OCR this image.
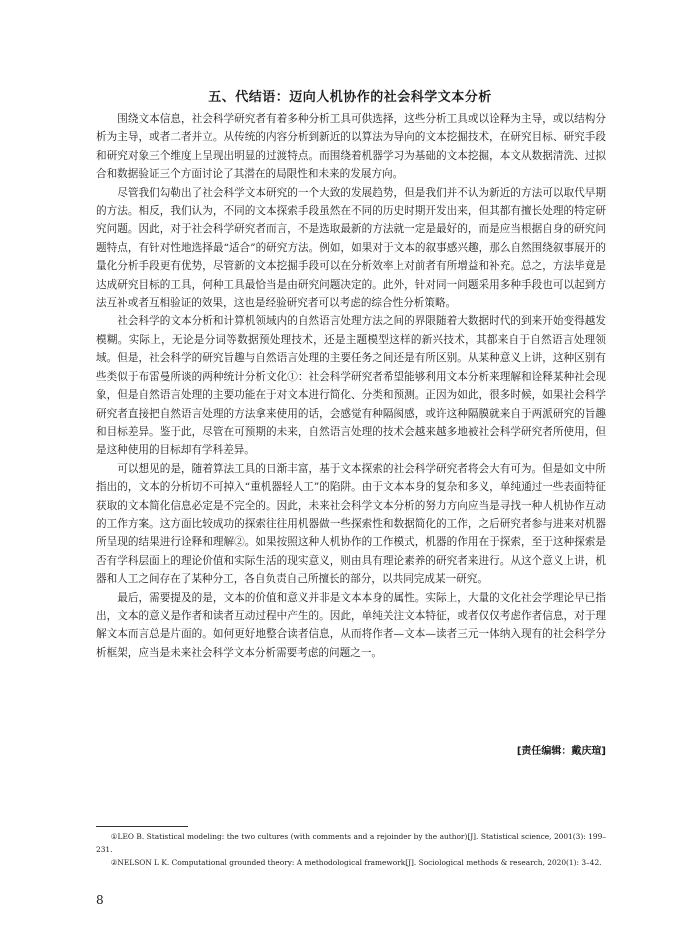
五、代结语：迈向人机协作的社会科学文本分析

围绕文本信息，社会科学研究者有着多种分析工具可供选择，这些分析工具或以诠释为主导，或以结构分析为主导，或者二者并立。从传统的内容分析到新近的以算法为导向的文本挖掘技术，在研究目标、研究手段和研究对象三个维度上呈现出明显的过渡特点。而围绕着机器学习为基础的文本挖掘，本文从数据清洗、过拟合和数据验证三个方面讨论了其潜在的局限性和未来的发展方向。

尽管我们勾勒出了社会科学文本研究的一个大致的发展趋势，但是我们并不认为新近的方法可以取代早期的方法。相反，我们认为，不同的文本探索手段虽然在不同的历史时期开发出来，但其都有擅长处理的特定研究问题。因此，对于社会科学研究者而言，不是选取最新的方法就一定是最好的，而是应当根据自身的研究问题特点，有针对性地选择最“适合”的研究方法。例如，如果对于文本的叙事感兴趣，那么自然围绕叙事展开的量化分析手段更有优势，尽管新的文本挖掘手段可以在分析效率上对前者有所增益和补充。总之，方法毕竟是达成研究目标的工具，何种工具最恰当是由研究问题决定的。此外，针对同一问题采用多种手段也可以起到方法互补或者互相验证的效果，这也是经验研究者可以考虑的综合性分析策略。

社会科学的文本分析和计算机领域内的自然语言处理方法之间的界限随着大数据时代的到来开始变得越发模糊。实际上，无论是分词等数据预处理技术，还是主题模型这样的新兴技术，其都来自于自然语言处理领域。但是，社会科学的研究旨趣与自然语言处理的主要任务之间还是有所区别。从某种意义上讲，这种区别有些类似于布雷曼所谈的两种统计分析文化①：社会科学研究者希望能够利用文本分析来理解和诠释某种社会现象，但是自然语言处理的主要功能在于对文本进行简化、分类和预测。正因为如此，很多时候，如果社会科学研究者直接把自然语言处理的方法拿来使用的话，会感觉有种隔阂感，或许这种隔膜就来自于两派研究的旨趣和目标差异。鉴于此，尽管在可预期的未来，自然语言处理的技术会越来越多地被社会科学研究者所使用，但是这种使用的目标却有学科差异。

可以想见的是，随着算法工具的日渐丰富，基于文本探索的社会科学研究者将会大有可为。但是如文中所指出的，文本的分析切不可掉入“重机器轻人工”的陷阱。由于文本本身的复杂和多义，单纯通过一些表面特征获取的文本简化信息必定是不完全的。因此，未来社会科学文本分析的努力方向应当是寻找一种人机协作互动的工作方案。这方面比较成功的探索往往用机器做一些探索性和数据简化的工作，之后研究者参与进来对机器所呈现的结果进行诠释和理解②。如果按照这种人机协作的工作模式，机器的作用在于探索，至于这种探索是否有学科层面上的理论价值和实际生活的现实意义，则由具有理论素养的研究者来进行。从这个意义上讲，机器和人工之间存在了某种分工，各自负责自己所擅长的部分，以共同完成某一研究。

最后，需要提及的是，文本的价值和意义并非是文本本身的属性。实际上，大量的文化社会学理论早已指出，文本的意义是作者和读者互动过程中产生的。因此，单纯关注文本特征，或者仅仅考虑作者信息，对于理解文本而言总是片面的。如何更好地整合读者信息，从而将作者—文本—读者三元一体纳入现有的社会科学分析框架，应当是未来社会科学文本分析需要考虑的问题之一。

[责任编辑：戴庆瑄]
①LEO B. Statistical modeling: the two cultures (with comments and a rejoinder by the author)[J]. Statistical science, 2001(3): 199–231.
②NELSON L K. Computational grounded theory: A methodological framework[J]. Sociological methods & research, 2020(1): 3–42.
8
